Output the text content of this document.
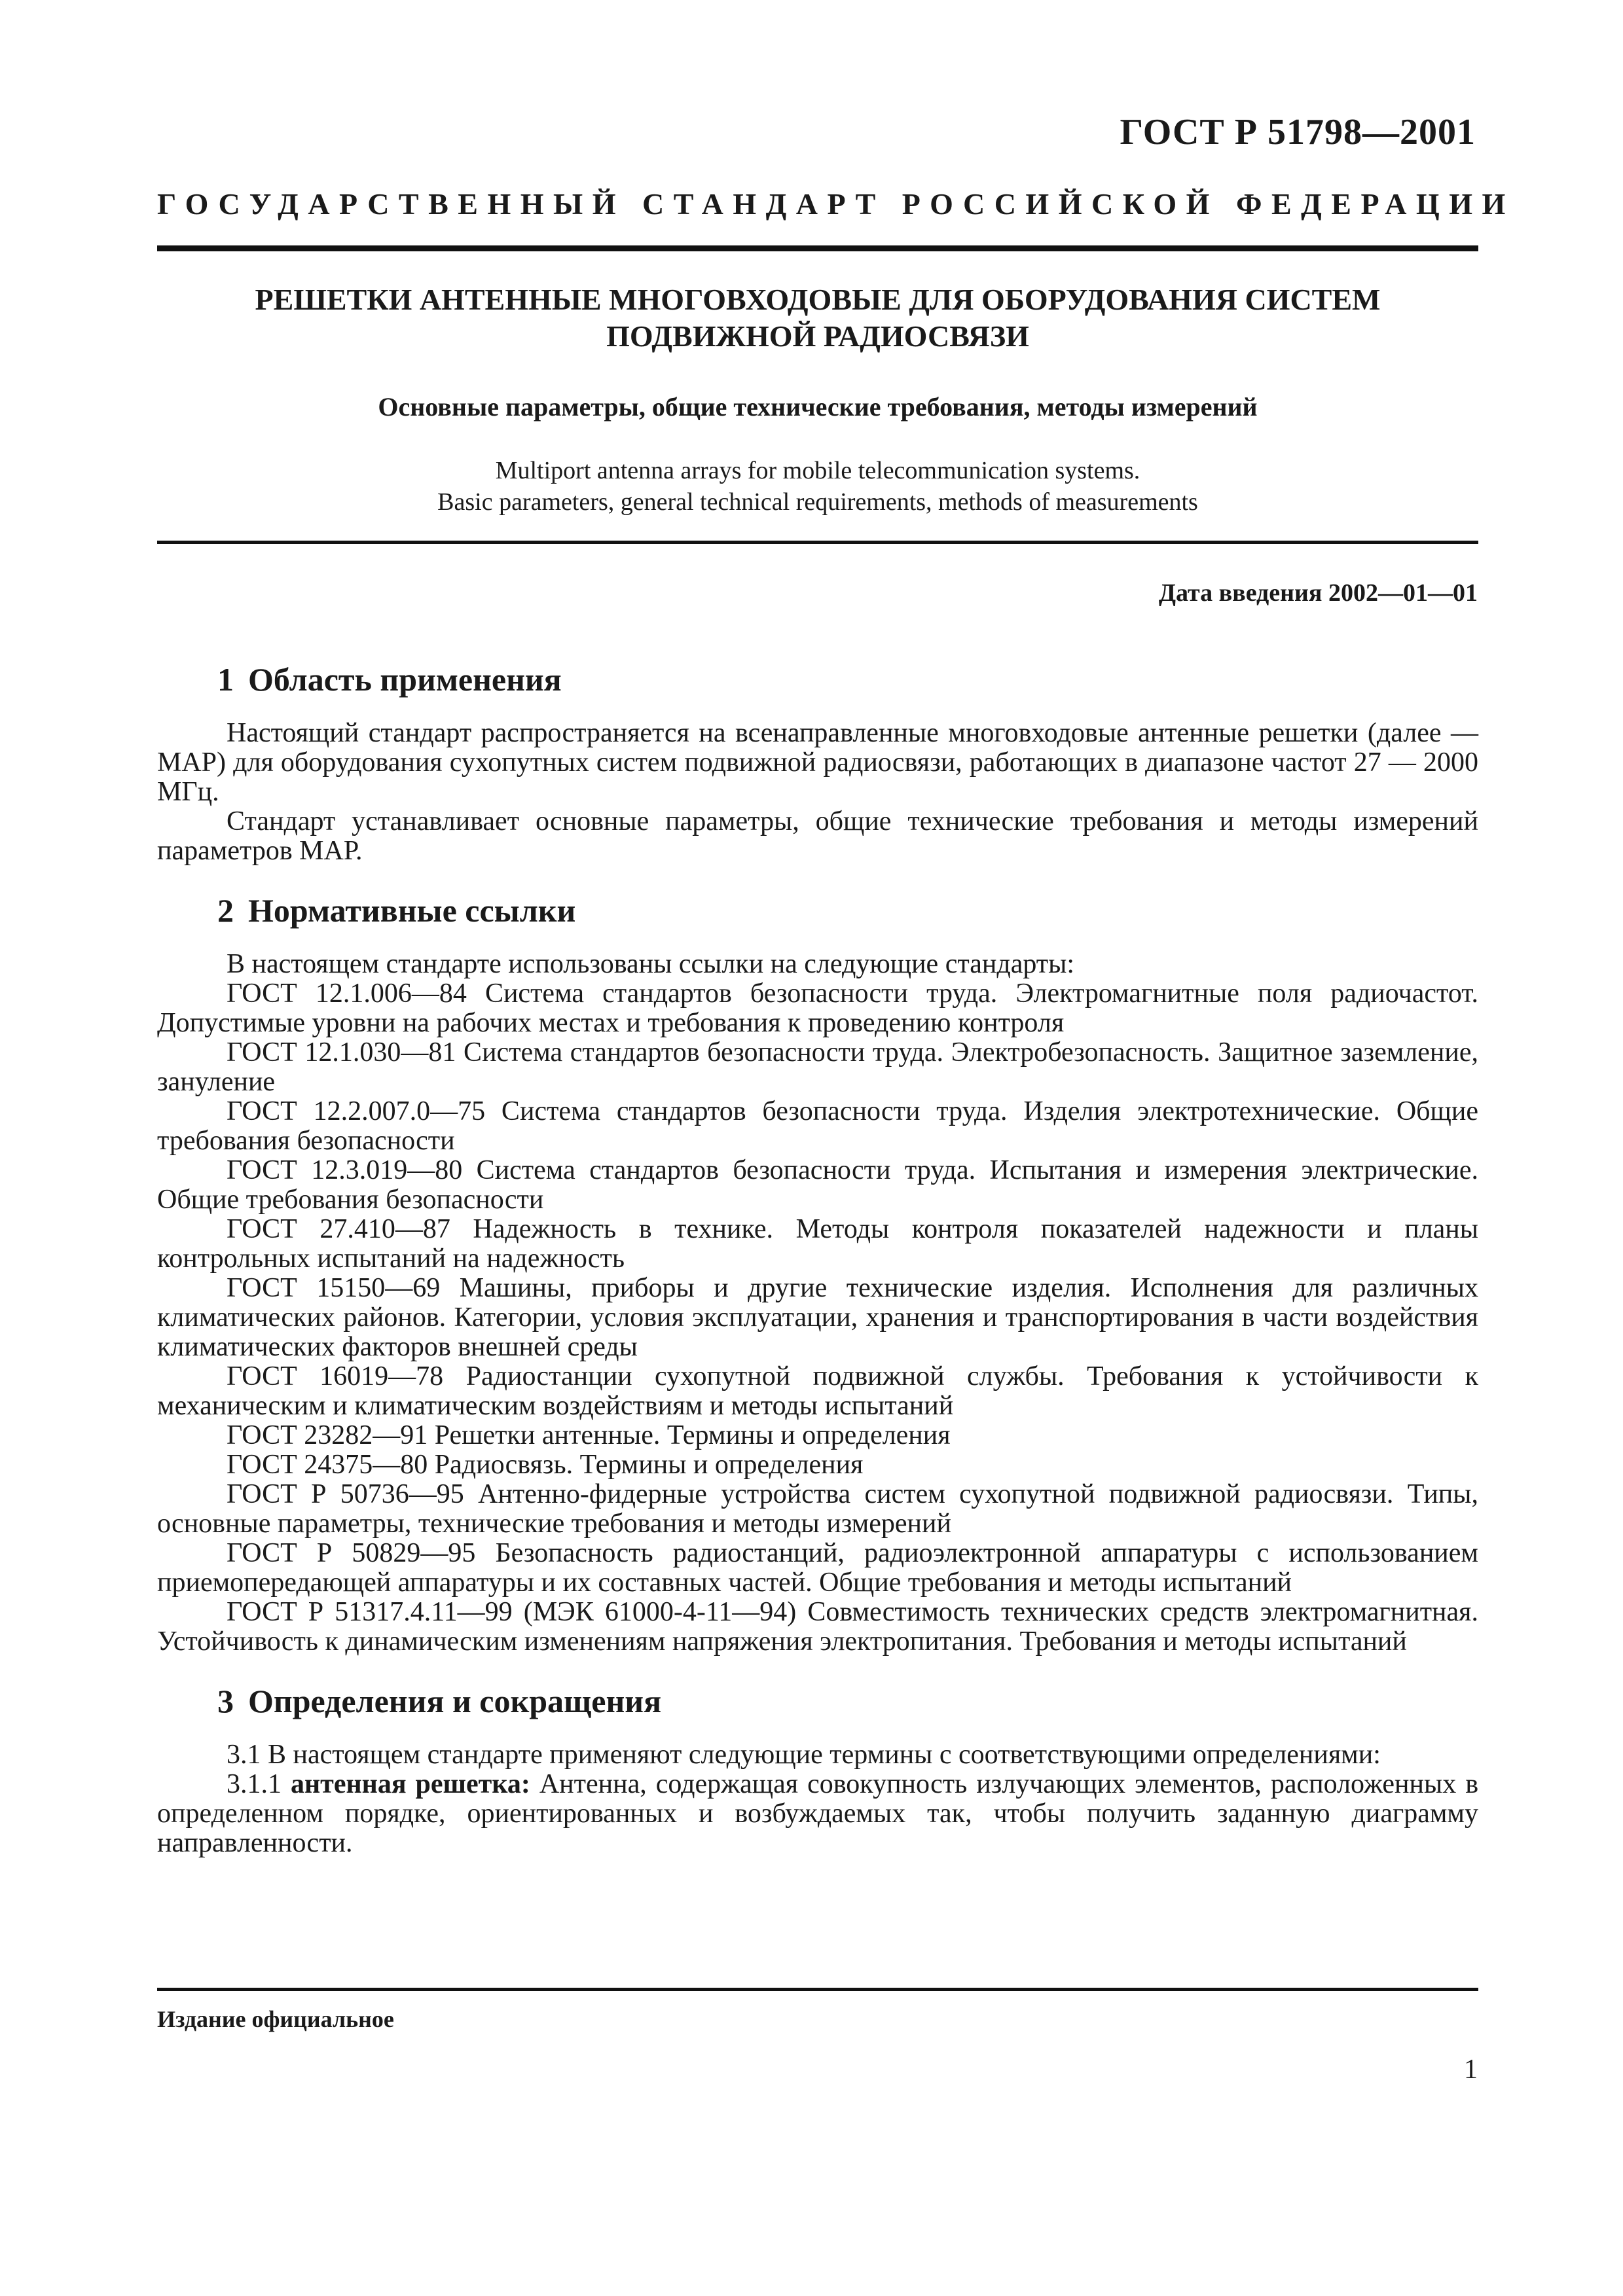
ГОСТ Р 51798—2001
ГОСУДАРСТВЕННЫЙ СТАНДАРТ РОССИЙСКОЙ ФЕДЕРАЦИИ
РЕШЕТКИ АНТЕННЫЕ МНОГОВХОДОВЫЕ ДЛЯ ОБОРУДОВАНИЯ СИСТЕМ
ПОДВИЖНОЙ РАДИОСВЯЗИ
Основные параметры, общие технические требования, методы измерений
Multiport antenna arrays for mobile telecommunication systems.
Basic parameters, general technical requirements, methods of measurements
Дата введения 2002—01—01
1 Область применения

Настоящий стандарт распространяется на всенаправленные многовходовые антенные решетки (далее — МАР) для оборудования сухопутных систем подвижной радиосвязи, работающих в диапазоне частот 27 — 2000 МГц.

Стандарт устанавливает основные параметры, общие технические требования и методы измерений параметров МАР.

2 Нормативные ссылки

В настоящем стандарте использованы ссылки на следующие стандарты:

ГОСТ 12.1.006—84 Система стандартов безопасности труда. Электромагнитные поля радиочастот. Допустимые уровни на рабочих местах и требования к проведению контроля

ГОСТ 12.1.030—81 Система стандартов безопасности труда. Электробезопасность. Защитное заземление, зануление

ГОСТ 12.2.007.0—75 Система стандартов безопасности труда. Изделия электротехнические. Общие требования безопасности

ГОСТ 12.3.019—80 Система стандартов безопасности труда. Испытания и измерения электрические. Общие требования безопасности

ГОСТ 27.410—87 Надежность в технике. Методы контроля показателей надежности и планы контрольных испытаний на надежность

ГОСТ 15150—69 Машины, приборы и другие технические изделия. Исполнения для различных климатических районов. Категории, условия эксплуатации, хранения и транспортирования в части воздействия климатических факторов внешней среды

ГОСТ 16019—78 Радиостанции сухопутной подвижной службы. Требования к устойчивости к механическим и климатическим воздействиям и методы испытаний

ГОСТ 23282—91 Решетки антенные. Термины и определения

ГОСТ 24375—80 Радиосвязь. Термины и определения

ГОСТ Р 50736—95 Антенно-фидерные устройства систем сухопутной подвижной радиосвязи. Типы, основные параметры, технические требования и методы измерений

ГОСТ Р 50829—95 Безопасность радиостанций, радиоэлектронной аппаратуры с использованием приемопередающей аппаратуры и их составных частей. Общие требования и методы испытаний

ГОСТ Р 51317.4.11—99 (МЭК 61000-4-11—94) Совместимость технических средств электромагнитная. Устойчивость к динамическим изменениям напряжения электропитания. Требования и методы испытаний

3 Определения и сокращения

3.1 В настоящем стандарте применяют следующие термины с соответствующими определениями:

3.1.1 антенная решетка: Антенна, содержащая совокупность излучающих элементов, расположенных в определенном порядке, ориентированных и возбуждаемых так, чтобы получить заданную диаграмму направленности.

Издание официальное
1
